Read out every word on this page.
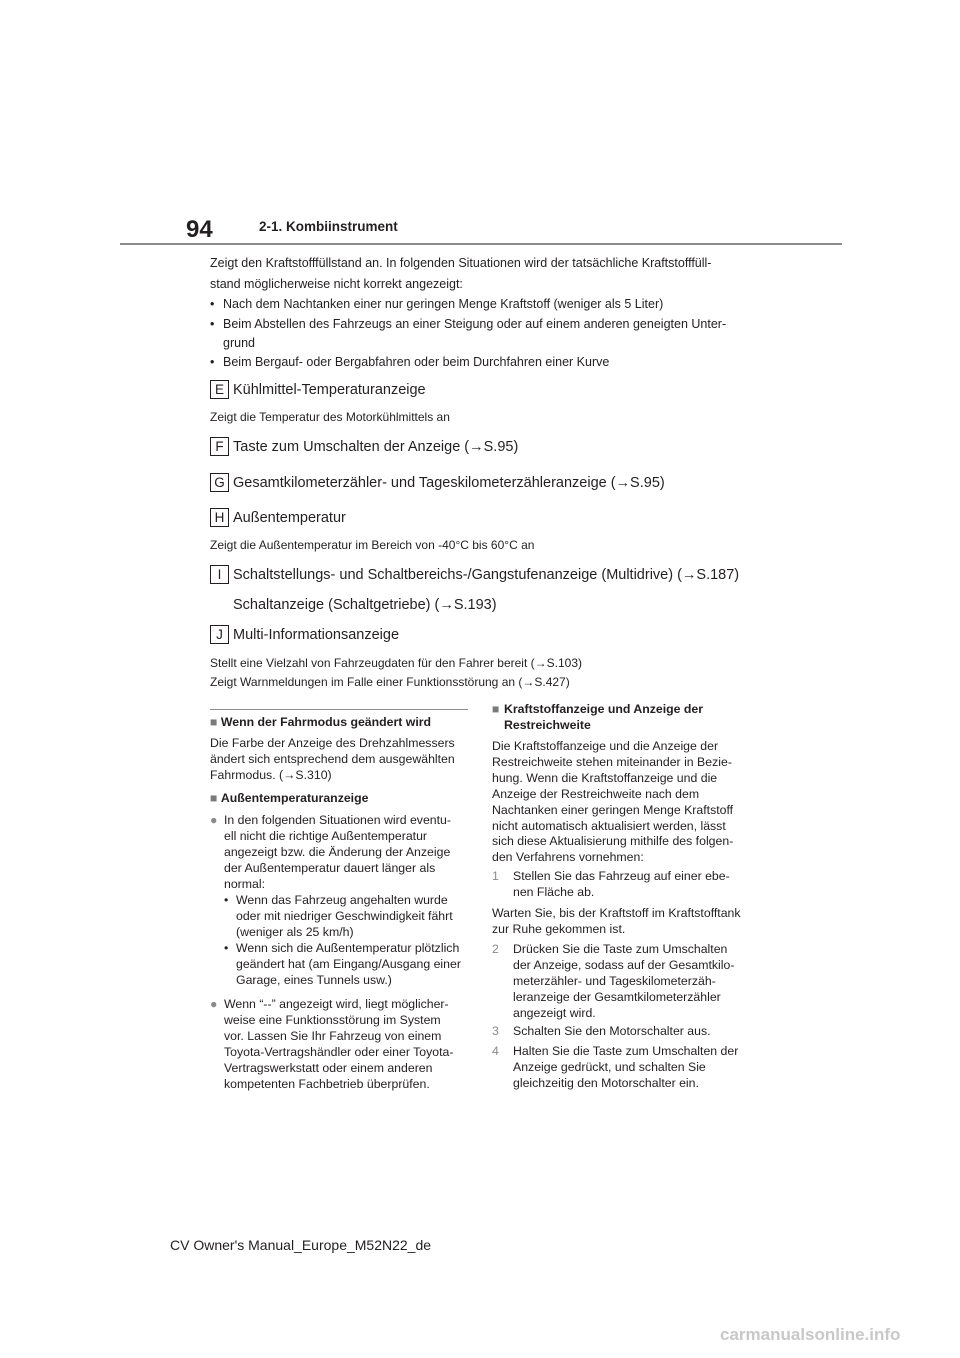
94	2-1. Kombiinstrument
Zeigt den Kraftstofffüllstand an. In folgenden Situationen wird der tatsächliche Kraftstofffüll-
stand möglicherweise nicht korrekt angezeigt:
• Nach dem Nachtanken einer nur geringen Menge Kraftstoff (weniger als 5 Liter)
• Beim Abstellen des Fahrzeugs an einer Steigung oder auf einem anderen geneigten Unter-
grund
• Beim Bergauf- oder Bergabfahren oder beim Durchfahren einer Kurve
E Kühlmittel-Temperaturanzeige
Zeigt die Temperatur des Motorkühlmittels an
F Taste zum Umschalten der Anzeige (→S.95)
G Gesamtkilometerzähler- und Tageskilometerzähleranzeige (→S.95)
H Außentemperatur
Zeigt die Außentemperatur im Bereich von -40°C bis 60°C an
I Schaltstellungs- und Schaltbereichs-/Gangstufenanzeige (Multidrive) (→S.187)
Schaltanzeige (Schaltgetriebe) (→S.193)
J Multi-Informationsanzeige
Stellt eine Vielzahl von Fahrzeugdaten für den Fahrer bereit (→S.103)
Zeigt Warnmeldungen im Falle einer Funktionsstörung an (→S.427)
■ Wenn der Fahrmodus geändert wird
Die Farbe der Anzeige des Drehzahlmessers
ändert sich entsprechend dem ausgewählten
Fahrmodus. (→S.310)
■ Außentemperaturanzeige
● In den folgenden Situationen wird eventu-
ell nicht die richtige Außentemperatur
angezeigt bzw. die Änderung der Anzeige
der Außentemperatur dauert länger als
normal:
• Wenn das Fahrzeug angehalten wurde
oder mit niedriger Geschwindigkeit fährt
(weniger als 25 km/h)
• Wenn sich die Außentemperatur plötzlich
geändert hat (am Eingang/Ausgang einer
Garage, eines Tunnels usw.)
● Wenn “--” angezeigt wird, liegt möglicher-
weise eine Funktionsstörung im System
vor. Lassen Sie Ihr Fahrzeug von einem
Toyota-Vertragshändler oder einer Toyota-
Vertragswerkstatt oder einem anderen
kompetenten Fachbetrieb überprüfen.
■ Kraftstoffanzeige und Anzeige der
Restreichweite
Die Kraftstoffanzeige und die Anzeige der
Restreichweite stehen miteinander in Bezie-
hung. Wenn die Kraftstoffanzeige und die
Anzeige der Restreichweite nach dem
Nachtanken einer geringen Menge Kraftstoff
nicht automatisch aktualisiert werden, lässt
sich diese Aktualisierung mithilfe des folgen-
den Verfahrens vornehmen:
1 Stellen Sie das Fahrzeug auf einer ebe-
nen Fläche ab.
Warten Sie, bis der Kraftstoff im Kraftstofftank
zur Ruhe gekommen ist.
2 Drücken Sie die Taste zum Umschalten
der Anzeige, sodass auf der Gesamtkilo-
meterzähler- und Tageskilometerzäh-
leranzeige der Gesamtkilometerzähler
angezeigt wird.
3 Schalten Sie den Motorschalter aus.
4 Halten Sie die Taste zum Umschalten der
Anzeige gedrückt, und schalten Sie
gleichzeitig den Motorschalter ein.
CV Owner's Manual_Europe_M52N22_de
carmanualsonline.info
